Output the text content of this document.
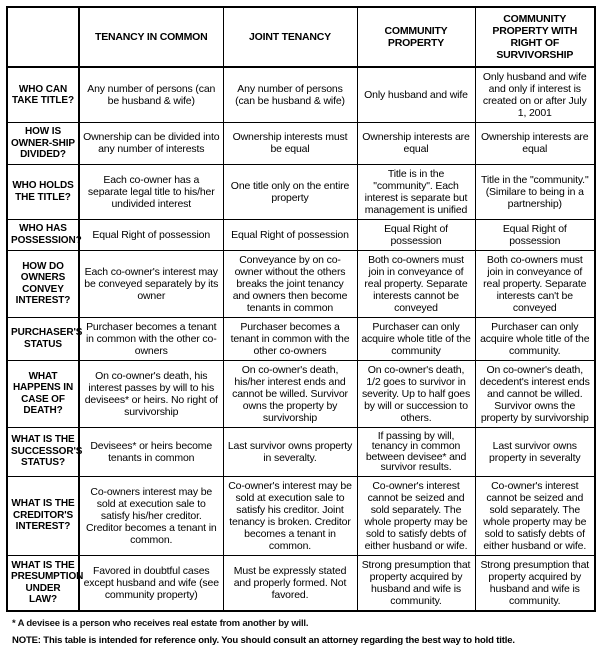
	TENANCY IN COMMON	JOINT TENANCY	COMMUNITY PROPERTY	COMMUNITY PROPERTY WITH RIGHT OF SURVIVORSHIP
WHO CAN TAKE TITLE?	Any number of persons (can be husband & wife)	Any number of persons (can be husband & wife)	Only husband and wife	Only husband and wife and only if interest is created on or after July 1, 2001
HOW IS OWNER-SHIP DIVIDED?	Ownership can be divided into any number of interests	Ownership interests must be equal	Ownership interests are equal	Ownership interests are equal
WHO HOLDS THE TITLE?	Each co-owner has a separate legal title to his/her undivided interest	One title only on the entire property	Title is in the "community". Each interest is separate but management is unified	Title in the "community." (Similare to being in a partnership)
WHO HAS POSSESSION?	Equal Right of possession	Equal Right of possession	Equal Right of possession	Equal Right of possession
HOW DO OWNERS CONVEY INTEREST?	Each co-owner's interest may be conveyed separately by its owner	Conveyance by on co-owner without the others breaks the joint tenancy and owners then become tenants in common	Both co-owners must join in conveyance of real property. Separate interests cannot be conveyed	Both co-owners must join in conveyance of real property. Separate interests can't be conveyed
PURCHASER'S STATUS	Purchaser becomes a tenant in common with the other co-owners	Purchaser becomes a tenant in common with the other co-owners	Purchaser can only acquire whole title of the community	Purchaser can only acquire whole title of the community.
WHAT HAPPENS IN CASE OF DEATH?	On co-owner's death, his interest passes by will to his devisees* or heirs. No right of survivorship	On co-owner's death, his/her interest ends and cannot be willed. Survivor owns the property by survivorship	On co-owner's death, 1/2 goes to survivor in severity. Up to half goes by will or succession to others.	On co-owner's death, decedent's interest ends and cannot be willed. Survivor owns the property by survivorship
WHAT IS THE SUCCESSOR'S STATUS?	Devisees* or heirs become tenants in common	Last survivor owns property in severalty.	If passing by will, tenancy in common between devisee* and survivor results.	Last survivor owns property in severalty
WHAT IS THE CREDITOR'S INTEREST?	Co-owners interest may be sold at execution sale to satisfy his/her creditor. Creditor becomes a tenant in common.	Co-owner's interest may be sold at execution sale to satisfy his creditor. Joint tenancy is broken. Creditor becomes a tenant in common.	Co-owner's interest cannot be seized and sold separately. The whole property may be sold to satisfy debts of either husband or wife.	Co-owner's interest cannot be seized and sold separately. The whole property may be sold to satisfy debts of either husband or wife.
WHAT IS THE PRESUMPTION UNDER LAW?	Favored in doubtful cases except husband and wife (see community property)	Must be expressly stated and properly formed. Not favored.	Strong presumption that property acquired by husband and wife is community.	Strong presumption that property acquired by husband and wife is community.
* A devisee is a person who receives real estate from another by will.
NOTE: This table is intended for reference only. You should consult an attorney regarding the best way to hold title.
